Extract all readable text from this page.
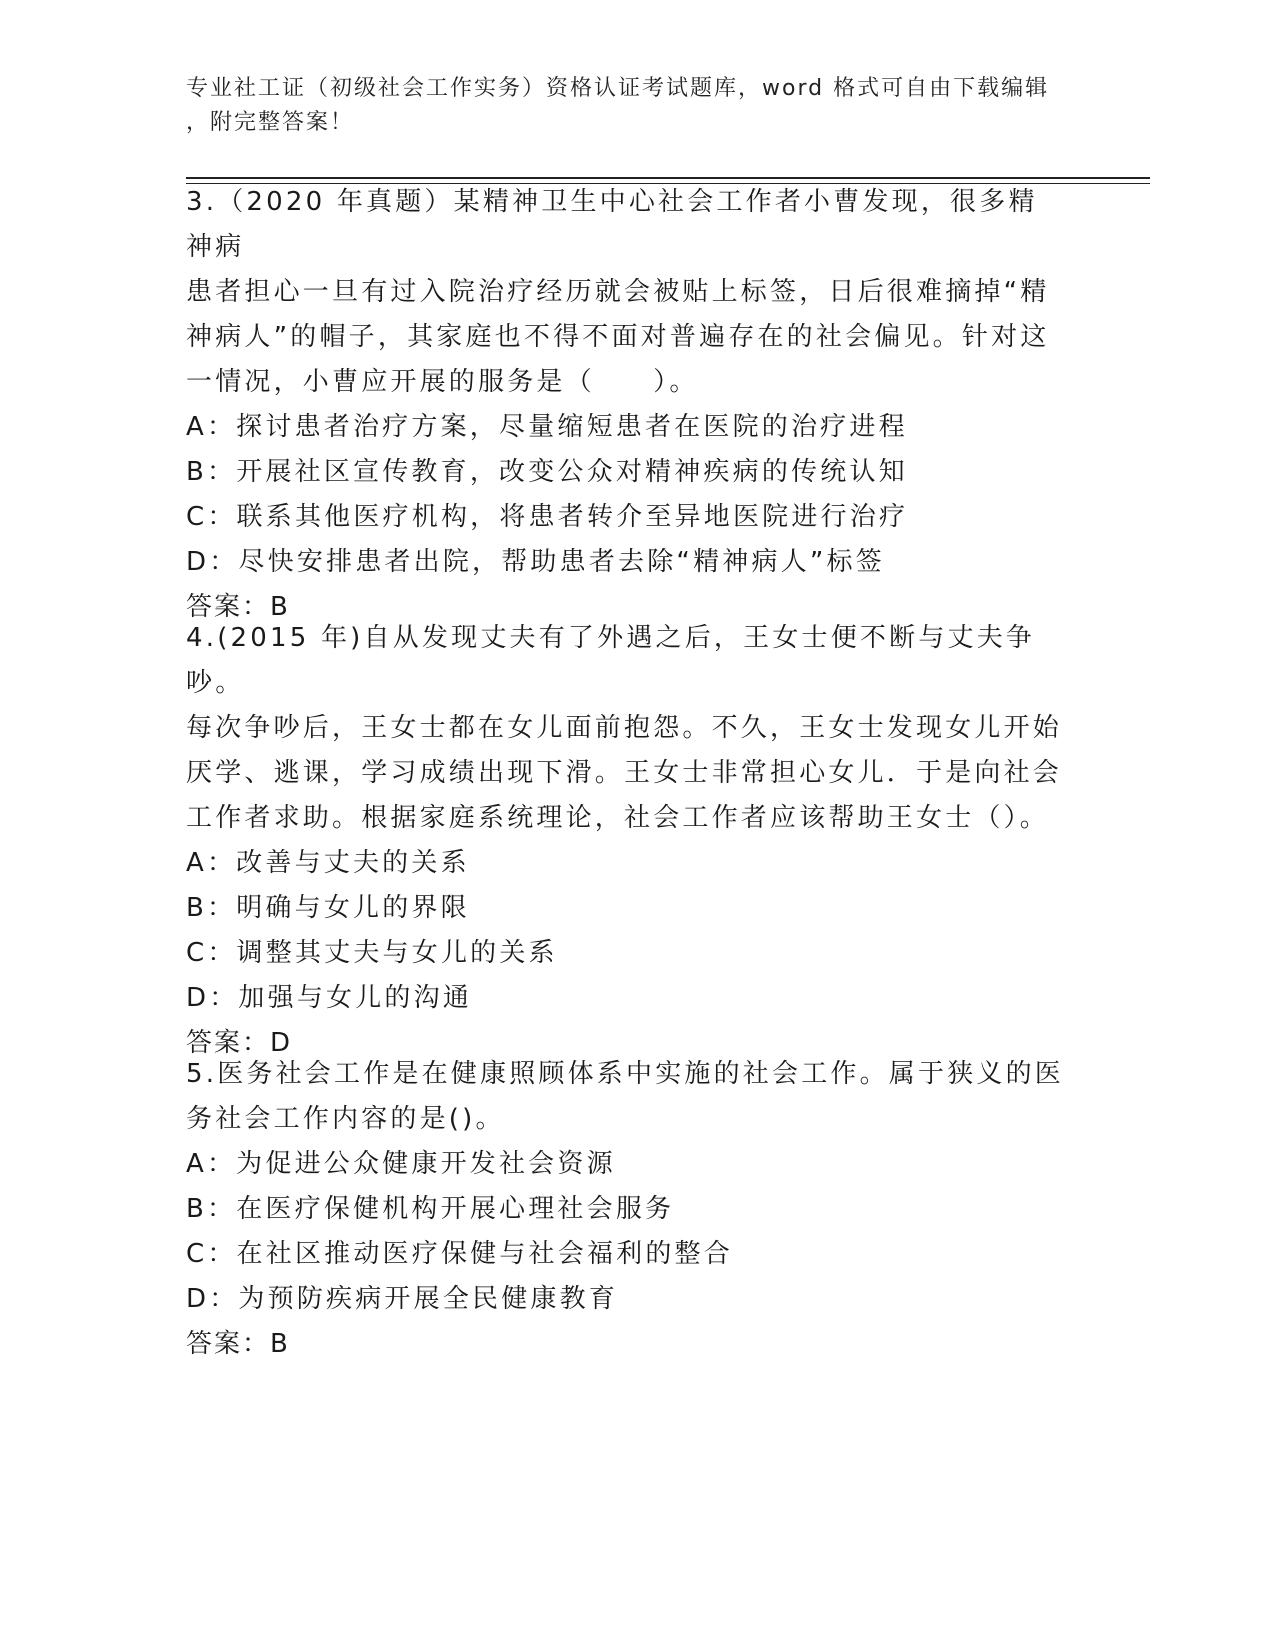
专业社工证（初级社会工作实务）资格认证考试题库，word 格式可自由下载编辑
，附完整答案！

3.（2020 年真题）某精神卫生中心社会工作者小曹发现，很多精神病

患者担心一旦有过入院治疗经历就会被贴上标签，日后很难摘掉“精

神病人”的帽子，其家庭也不得不面对普遍存在的社会偏见。针对这

一情况，小曹应开展的服务是（　　）。

A：探讨患者治疗方案，尽量缩短患者在医院的治疗进程

B：开展社区宣传教育，改变公众对精神疾病的传统认知

C：联系其他医疗机构，将患者转介至异地医院进行治疗

D：尽快安排患者出院，帮助患者去除“精神病人”标签

答案：B

4.(2015 年)自从发现丈夫有了外遇之后，王女士便不断与丈夫争吵。

每次争吵后，王女士都在女儿面前抱怨。不久，王女士发现女儿开始

厌学、逃课，学习成绩出现下滑。王女士非常担心女儿．于是向社会

工作者求助。根据家庭系统理论，社会工作者应该帮助王女士（）。

A：改善与丈夫的关系

B：明确与女儿的界限

C：调整其丈夫与女儿的关系

D：加强与女儿的沟通

答案：D

5.医务社会工作是在健康照顾体系中实施的社会工作。属于狭义的医

务社会工作内容的是()。

A：为促进公众健康开发社会资源

B：在医疗保健机构开展心理社会服务

C：在社区推动医疗保健与社会福利的整合

D：为预防疾病开展全民健康教育

答案：B
